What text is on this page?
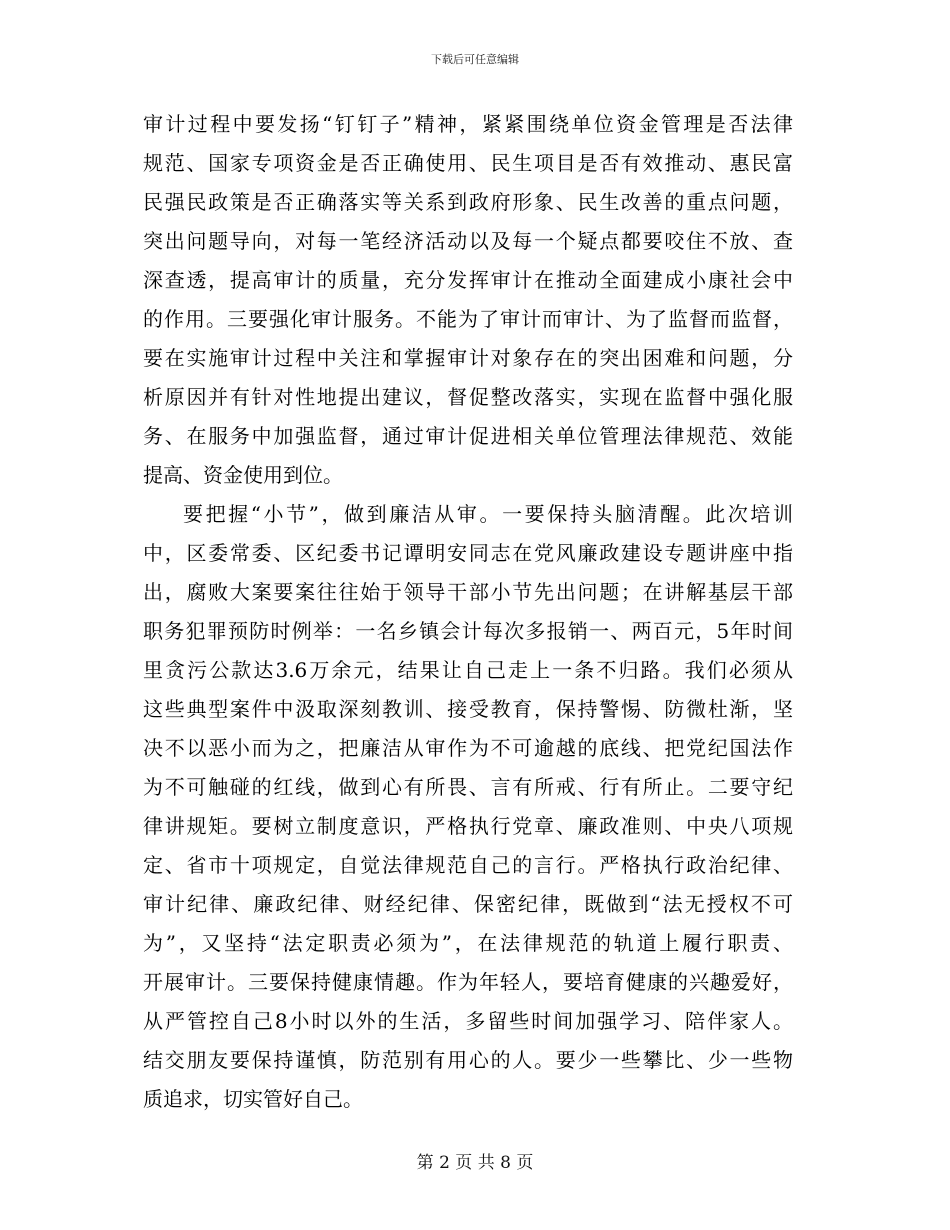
下载后可任意编辑
审计过程中要发扬“钉钉子”精神，紧紧围绕单位资金管理是否法律
规范、国家专项资金是否正确使用、民生项目是否有效推动、惠民富
民强民政策是否正确落实等关系到政府形象、民生改善的重点问题，
突出问题导向，对每一笔经济活动以及每一个疑点都要咬住不放、查
深查透，提高审计的质量，充分发挥审计在推动全面建成小康社会中
的作用。三要强化审计服务。不能为了审计而审计、为了监督而监督，
要在实施审计过程中关注和掌握审计对象存在的突出困难和问题，分
析原因并有针对性地提出建议，督促整改落实，实现在监督中强化服
务、在服务中加强监督，通过审计促进相关单位管理法律规范、效能
提高、资金使用到位。
要把握“小节”，做到廉洁从审。一要保持头脑清醒。此次培训
中，区委常委、区纪委书记谭明安同志在党风廉政建设专题讲座中指
出，腐败大案要案往往始于领导干部小节先出问题；在讲解基层干部
职务犯罪预防时例举：一名乡镇会计每次多报销一、两百元，5年时间
里贪污公款达3.6万余元，结果让自己走上一条不归路。我们必须从
这些典型案件中汲取深刻教训、接受教育，保持警惕、防微杜渐，坚
决不以恶小而为之，把廉洁从审作为不可逾越的底线、把党纪国法作
为不可触碰的红线，做到心有所畏、言有所戒、行有所止。二要守纪
律讲规矩。要树立制度意识，严格执行党章、廉政准则、中央八项规
定、省市十项规定，自觉法律规范自己的言行。严格执行政治纪律、
审计纪律、廉政纪律、财经纪律、保密纪律，既做到“法无授权不可
为”，又坚持“法定职责必须为”，在法律规范的轨道上履行职责、
开展审计。三要保持健康情趣。作为年轻人，要培育健康的兴趣爱好，
从严管控自己8小时以外的生活，多留些时间加强学习、陪伴家人。
结交朋友要保持谨慎，防范别有用心的人。要少一些攀比、少一些物
质追求，切实管好自己。
第 2 页 共 8 页
